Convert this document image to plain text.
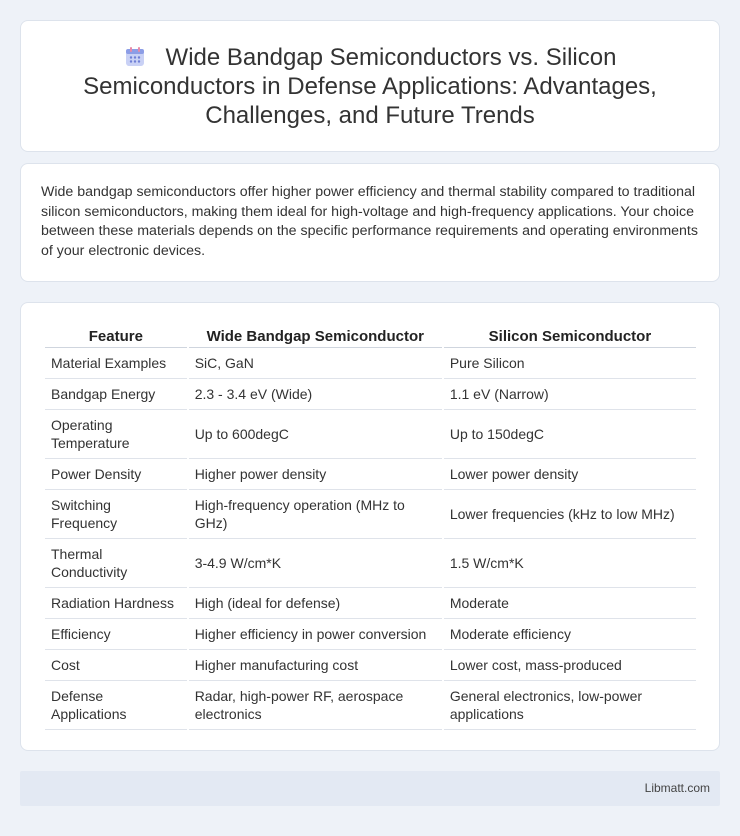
Wide Bandgap Semiconductors vs. Silicon Semiconductors in Defense Applications: Advantages, Challenges, and Future Trends

Wide bandgap semiconductors offer higher power efficiency and thermal stability compared to traditional silicon semiconductors, making them ideal for high-voltage and high-frequency applications. Your choice between these materials depends on the specific performance requirements and operating environments of your electronic devices.

Feature	Wide Bandgap Semiconductor	Silicon Semiconductor
Material Examples	SiC, GaN	Pure Silicon
Bandgap Energy	2.3 - 3.4 eV (Wide)	1.1 eV (Narrow)
Operating Temperature	Up to 600degC	Up to 150degC
Power Density	Higher power density	Lower power density
Switching Frequency	High-frequency operation (MHz to GHz)	Lower frequencies (kHz to low MHz)
Thermal Conductivity	3-4.9 W/cm*K	1.5 W/cm*K
Radiation Hardness	High (ideal for defense)	Moderate
Efficiency	Higher efficiency in power conversion	Moderate efficiency
Cost	Higher manufacturing cost	Lower cost, mass-produced
Defense Applications	Radar, high-power RF, aerospace electronics	General electronics, low-power applications
Libmatt.com
